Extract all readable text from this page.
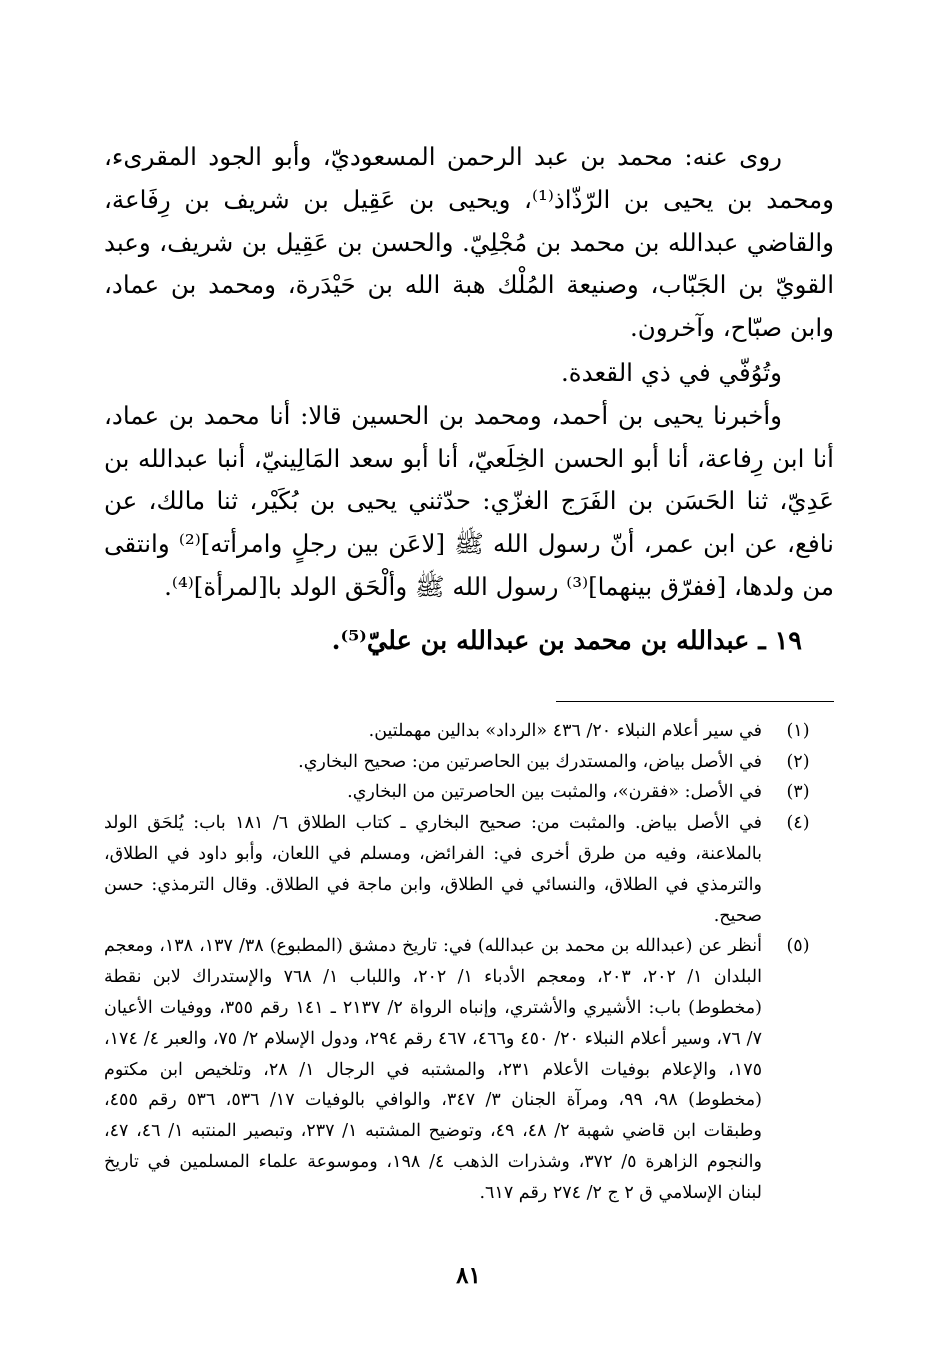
روى عنه: محمد بن عبد الرحمن المسعوديّ، وأبو الجود المقرىء، ومحمد بن يحيى بن الرّذّاذ⁽¹⁾، ويحيى بن عَقِيل بن شريف بن رِفَاعة، والقاضي عبدالله بن محمد بن مُجْلِيّ. والحسن بن عَقِيل بن شريف، وعبد القويّ بن الجَبّاب، وصنيعة المُلْك هبة الله بن حَيْدَرة، ومحمد بن عماد، وابن صبّاح، وآخرون.

وتُوُفّي في ذي القعدة.

وأخبرنا يحيى بن أحمد، ومحمد بن الحسين قالا: أنا محمد بن عماد، أنا ابن رِفاعة، أنا أبو الحسن الخِلَعيّ، أنا أبو سعد المَالِينيّ، أنبا عبدالله بن عَدِيّ، ثنا الحَسَن بن الفَرَج الغزّي: حدّثني يحيى بن بُكَيْر، ثنا مالك، عن نافع، عن ابن عمر، أنّ رسول الله ﷺ [لاعَن بين رجلٍ وامرأته]⁽²⁾ وانتقى من ولدها، [ففرّق بينهما]⁽³⁾ رسول الله ﷺ وألْحَق الولد با[لمرأة]⁽⁴⁾.

١٩ ـ عبدالله بن محمد بن عبدالله بن عليّ⁽⁵⁾.
(١)
في سير أعلام النبلاء ٢٠/ ٤٣٦ «الرداد» بدالين مهملتين.
(٢)
في الأصل بياض، والمستدرك بين الحاصرتين من: صحيح البخاري.
(٣)
في الأصل: «فقرن»، والمثبت بين الحاصرتين من البخاري.
(٤)
في الأصل بياض. والمثبت من: صحيح البخاري ـ كتاب الطلاق ٦/ ١٨١ باب: يُلحَق الولد بالملاعنة، وفيه من طرق أخرى في: الفرائض، ومسلم في اللعان، وأبو داود في الطلاق، والترمذي في الطلاق، والنسائي في الطلاق، وابن ماجة في الطلاق. وقال الترمذي: حسن صحيح.
(٥)
أنظر عن (عبدالله بن محمد بن عبدالله) في: تاريخ دمشق (المطبوع) ٣٨/ ١٣٧، ١٣٨، ومعجم البلدان ١/ ٢٠٢، ٢٠٣، ومعجم الأدباء ١/ ٢٠٢، واللباب ١/ ٧٦٨ والإستدراك لابن نقطة (مخطوط) باب: الأشيري والأشتري، وإنباه الرواة ٢/ ٢١٣٧ ـ ١٤١ رقم ٣٥٥، ووفيات الأعيان ٧/ ٧٦، وسير أعلام النبلاء ٢٠/ ٤٥٠ و٤٦٦، ٤٦٧ رقم ٢٩٤، ودول الإسلام ٢/ ٧٥، والعبر ٤/ ١٧٤، ١٧٥، والإعلام بوفيات الأعلام ٢٣١، والمشتبه في الرجال ١/ ٢٨، وتلخيص ابن مكتوم (مخطوط) ٩٨، ٩٩، ومرآة الجنان ٣/ ٣٤٧، والوافي بالوفيات ١٧/ ٥٣٦، ٥٣٦ رقم ٤٥٥، وطبقات ابن قاضي شهبة ٢/ ٤٨، ٤٩، وتوضيح المشتبه ١/ ٢٣٧، وتبصير المنتبه ١/ ٤٦، ٤٧، والنجوم الزاهرة ٥/ ٣٧٢، وشذرات الذهب ٤/ ١٩٨، وموسوعة علماء المسلمين في تاريخ لبنان الإسلامي ق ٢ ج ٢/ ٢٧٤ رقم ٦١٧.
٨١
